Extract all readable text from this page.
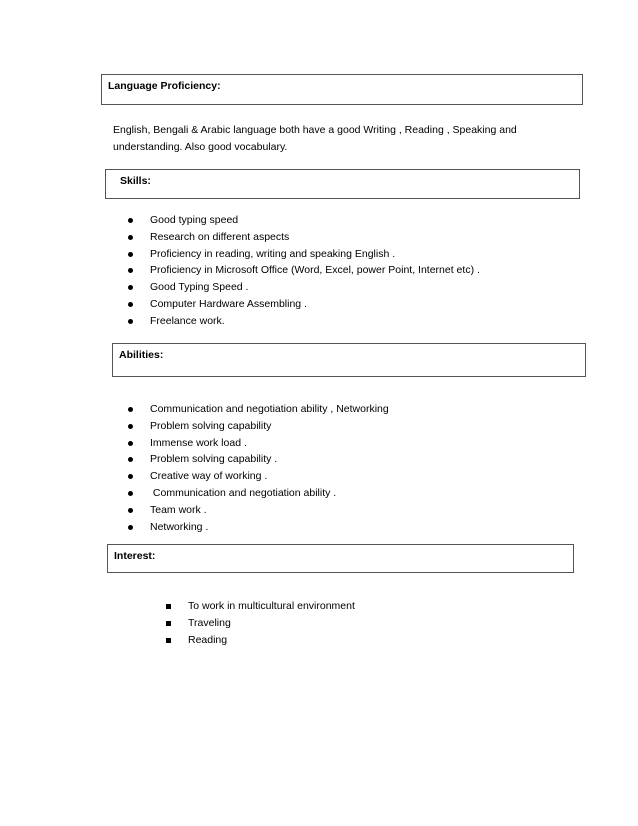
Language Proficiency:
English, Bengali & Arabic language both have a good Writing , Reading , Speaking and
understanding. Also good vocabulary.
Skills:
Good typing speed
Research on different aspects
Proficiency in reading, writing and speaking English .
Proficiency in Microsoft Office (Word, Excel, power Point, Internet etc) .
Good Typing Speed .
Computer Hardware Assembling .
Freelance work.
Abilities:
Communication and negotiation ability , Networking
Problem solving capability
Immense work load .
Problem solving capability .
Creative way of working .
Communication and negotiation ability .
Team work .
Networking .
Interest:
To work in multicultural environment
Traveling
Reading
